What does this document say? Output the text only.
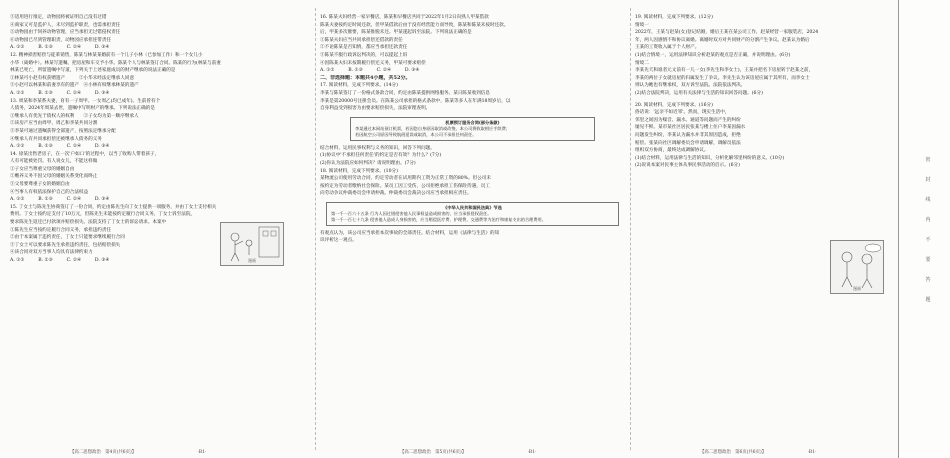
③适用进行推定，动物园将被证明自己没有过错
④商家又可是监护人，未尽到监护职责，也需承担责任
⑤动物园由于饲养动物管理，应当承担无过错侵权责任
⑥动物园已尽到管理职责，动物园应承担连带责任
A. ①②　　　B. ①③　　　C. ②④　　　D. ③④
12. 精神损害赔偿与徒莱销售，陈某与林某某婚前有一个儿子小林（已参加工作）和一个女儿小
小华（离婚中）。林某写遗嘱，把房屋和车交予小华。陈某个人与林某签订合同。陈某的行为(林某与前妻
林某已死亡，所留遗嘱中写道，下列关于上述家庭成员的财产继承的说法正确的是
①林某可小赵有权获赠遗产　　　②小华未经法定继承人同意
③小赵可以林某和前妻享有的遗产　④小林有权继承林某的遗产
A. ①②　　　B. ①③　　　C. ②④　　　D. ③④
13. 周某和李某系夫妻，育有一子周甲。一女周乙(均已成年)。生前曾有个
人债务，2024年周某去世，遗嘱中写明财产的继承。下列说法正确的是
①继承人有优先于债权人的权利　　②子女均为第一顺序继承人
②该房产应当由周甲、周乙和李某共同分割
③李某可通过遗嘱获得全部遗产，按照法定继承分配
④继承人有共同承担偿还被继承人债务的义务
A. ①②　　　B. ①③　　　C. ②④　　　D. ③④
14. 徐某出售老房子，在一次'户如口'的过程中，以当了收购人带着孩子，
人有可能被处罚。有人说女儿，不能这样做
①子女应当尊重父母的婚姻自由　　
②赡养义务不因父母的婚姻关系变化而终止
③父母要尊重子女的婚姻自由　　
④当事人有权依法保护自己的合法权益
A. ①②　　　B. ①③　　　C. ②④　　　D. ③④
15. 丁女士与陈先生协商签订了一份合同，约定由陈先生向丁女士提供一项服务，并由丁女士支付相关
费用。丁女士按约定支付了10万元，但陈先生未能按约定履行合同义务。丁女士诉至法院，
要求陈先生返还已付款项并赔偿损失。法院支持了丁女士的诉讼请求。本案中
①陈先生应当按约定履行合同义务，承担违约责任
②由于本案属于违约责任，丁女士只能要求继续履行合同
③丁女士可以要求陈先生承担违约责任，包括赔偿损失
④该合同对双方当事人均具有法律约束力
A. ①②　　　B. ①③　　　C. ②④　　　D. ③④
16. 陈某夫妇经营一家早餐店，陈某和早餐店共同于2022年1月2日向熟人甲某借款
陈某夫妻按约定时间还款，但甲某借款后由于没有经营能力而导致，陈某和陈某未按时还款。
后，甲某多次催要，陈某推脱未还。甲某遂起诉至法院。下列说法正确的是
①陈某夫妇应当共同承担偿还借款的责任
②不论陈某是否知情，都应当承担还款责任
③陈某不服行政诉讼判决的，可以提起上诉
④因陈某夫妇未按期履行偿还义务，甲某可要求赔偿
A. ①②　　　B. ①③　　　C. ②④　　　D. ③④
二、非选择题：本题共4小题，共52分。
17. 阅读材料，完成下列要求。(14分)
李某与陈某签订了一份格式条款合同，约定由陈某提供网络服务。某日陈某收到信息
李某是第20000号注册会员。在陈某公司承担的格式条款中，陈某等多人在年满18周岁后，以
自身利益受到损害为由要求赔偿损失，法院审理查明。
机票预订服务合同(部分条款)
李某通过本网站预订机票，若因您自身原因取消或改签，本公司将收取相应手续费；
若因航空公司原因导致航班延误或取消，本公司不承担任何责任。
结合材料，运用民事权利与义务的知识，回答下列问题。
(1)协议中'不承担任何责任'的约定是否有效？为什么？(7分)
(2)你认为法院应如何判决？请说明理由。(7分)
18. 阅读材料，完成下列要求。(10分)
某物流公司使用劳动合同，约定劳动者在试用期内工资为正常工资的80%。但公司未
按约定为劳动者缴纳社会保险。某员工因工受伤，公司拒绝承担工伤保险待遇，员工
向劳动争议仲裁委员会申请仲裁。仲裁委员会裁决公司应当承担相应责任。
《中华人民共和国民法典》节选
第一千一百六十五条 行为人因过错侵害他人民事权益造成损害的，应当承担侵权责任。
第一千一百七十九条 侵害他人造成人身损害的，应当赔偿医疗费、护理费、交通费等为治疗和康复支出的合理费用。
有观点认为，该公司应当承担本次事故的全部责任。结合材料，运用《法律与生活》的知
识评析这一观点。
19. 阅读材料，完成下列要求。(12分)
情境一
2022年，王某与赵某(女)登记结婚，婚后王某在某公司工作，赵某经营一家服装店，2024
年，两人因感情不和协议离婚。离婚时双方对共同财产的分割产生争议。赵某认为婚后
王某的工资收入属于个人财产。
(1)结合情境一，运用法律知识分析赵某的观点是否正确，并说明理由。(6分)
情境二
李某先天和谁者元文前有一儿一女(李先生和李女士)，王某并把名下房屋转于赵某之前，
李某的两位子女就房屋的归属发生了争议。李先生认为该房屋应属于其所有，而李女士
则认为她也有继承权，双方诉至法院。法院依法判决。
(2)结合法院判决，运用有关法律与生活的知识回答问题。(6分)
20. 阅读材料，完成下列要求。(16分)
俗话说：'远亲不如近邻'。然而，现实生活中，
邻里之间因为噪音、漏水、通道等问题而产生的纠纷
屡见不鲜。某市某社区居民张某与楼上住户李某因漏水
问题发生纠纷，李某认为漏水并非其原因造成，拒绝
赔偿。张某向社区调解委员会申请调解，调解员依法
组织双方协商，最终达成调解协议。
(1)结合材料，运用法律与生活的知识，分析化解邻里纠纷的意义。(10分)
(2)说说本案对民事主体从事民事活动的启示。(6分)
漫画
漫画
【高二思想政治　第4页(共6页)】	·B1·	【高二思想政治　第5页(共6页)】	·B1·	【高二思想政治　第6页(共6页)】	·B1·
密封线内不要答题
